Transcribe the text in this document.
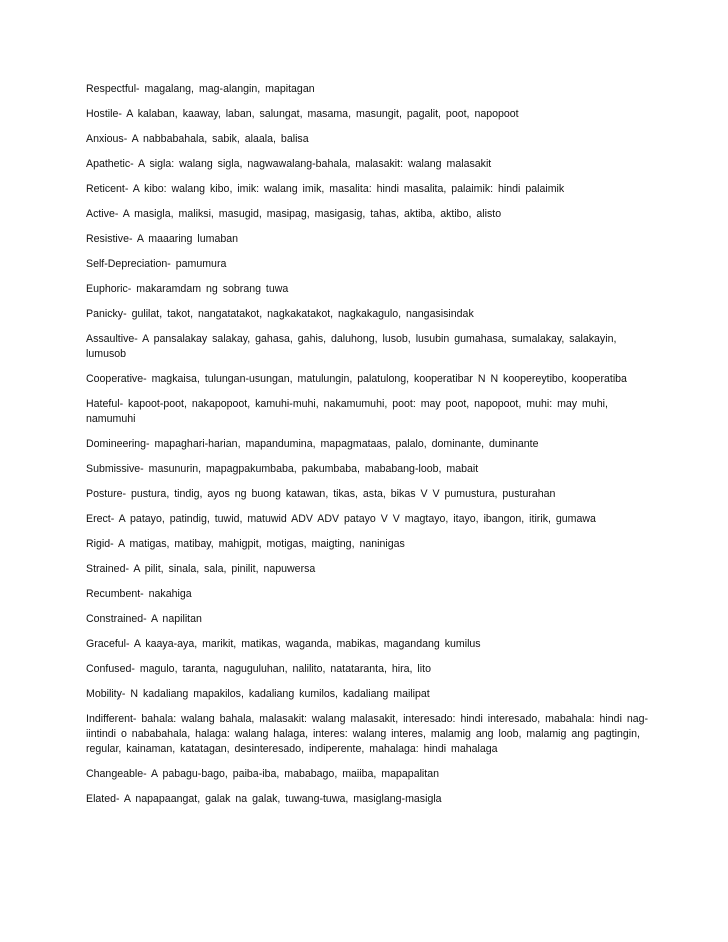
Respectful- magalang, mag-alangin, mapitagan

Hostile- A kalaban, kaaway, laban, salungat, masama, masungit, pagalit, poot, napopoot

Anxious- A nabbabahala, sabik, alaala, balisa

Apathetic- A sigla: walang sigla, nagwawalang-bahala, malasakit: walang malasakit

Reticent- A kibo: walang kibo, imik: walang imik, masalita: hindi masalita, palaimik: hindi palaimik

Active- A masigla, maliksi, masugid, masipag, masigasig, tahas, aktiba, aktibo, alisto

Resistive- A maaaring lumaban

Self-Depreciation- pamumura

Euphoric- makaramdam ng sobrang tuwa

Panicky- gulilat, takot, nangatatakot, nagkakatakot, nagkakagulo, nangasisindak

Assaultive- A pansalakay salakay, gahasa, gahis, daluhong, lusob, lusubin gumahasa, sumalakay, salakayin, lumusob

Cooperative- magkaisa, tulungan-usungan, matulungin, palatulong, kooperatibar N N koopereytibo, kooperatiba

Hateful- kapoot-poot, nakapopoot, kamuhi-muhi, nakamumuhi, poot: may poot, napopoot, muhi: may muhi, namumuhi

Domineering- mapaghari-harian, mapandumina, mapagmataas, palalo, dominante, duminante

Submissive- masunurin, mapagpakumbaba, pakumbaba, mababang-loob, mabait

Posture- pustura, tindig, ayos ng buong katawan, tikas, asta, bikas V V pumustura, pusturahan

Erect- A patayo, patindig, tuwid, matuwid ADV ADV patayo V V magtayo, itayo, ibangon, itirik, gumawa

Rigid- A matigas, matibay, mahigpit, motigas, maigting, naninigas

Strained- A pilit, sinala, sala, pinilit, napuwersa

Recumbent- nakahiga

Constrained- A napilitan

Graceful- A kaaya-aya, marikit, matikas, waganda, mabikas, magandang kumilus

Confused- magulo, taranta, naguguluhan, nalilito, natataranta, hira, lito

Mobility- N kadaliang mapakilos, kadaliang kumilos, kadaliang mailipat

Indifferent- bahala: walang bahala, malasakit: walang malasakit, interesado: hindi interesado, mabahala: hindi nag-iintindi o nababahala, halaga: walang halaga, interes: walang interes, malamig ang loob, malamig ang pagtingin, regular, kainaman, katatagan, desinteresado, indiperente, mahalaga: hindi mahalaga

Changeable- A pabagu-bago, paiba-iba, mababago, maiiba, mapapalitan

Elated- A napapaangat, galak na galak, tuwang-tuwa, masiglang-masigla
